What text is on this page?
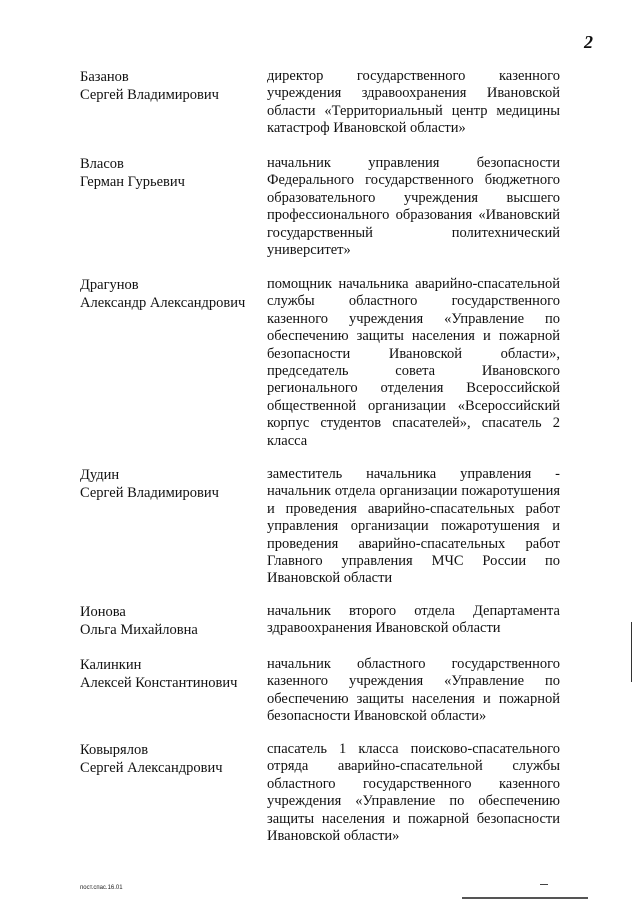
2
Базанов
Сергей Владимирович
директор государственного казенного учреждения здравоохранения Ивановской области «Территориальный центр медицины катастроф Ивановской области»
Власов
Герман Гурьевич
начальник управления безопасности Федерального государственного бюджетного образовательного учреждения высшего профессионального образования «Ивановский государственный политехнический университет»
Драгунов
Александр Александрович
помощник начальника аварийно-спасательной службы областного государственного казенного учреждения «Управление по обеспечению защиты населения и пожарной безопасности Ивановской области», председатель совета Ивановского регионального отделения Всероссийской общественной организации «Всероссийский корпус студентов спасателей», спасатель 2 класса
Дудин
Сергей Владимирович
заместитель начальника управления - начальник отдела организации пожаротушения и проведения аварийно-спасательных работ управления организации пожаротушения и проведения аварийно-спасательных работ Главного управления МЧС России по Ивановской области
Ионова
Ольга Михайловна
начальник второго отдела Департамента здравоохранения Ивановской области
Калинкин
Алексей Константинович
начальник областного государственного казенного учреждения «Управление по обеспечению защиты населения и пожарной безопасности Ивановской области»
Ковырялов
Сергей Александрович
спасатель 1 класса поисково-спасательного отряда аварийно-спасательной службы областного государственного казенного учреждения «Управление по обеспечению защиты населения и пожарной безопасности Ивановской области»
пост.спас.16.01
